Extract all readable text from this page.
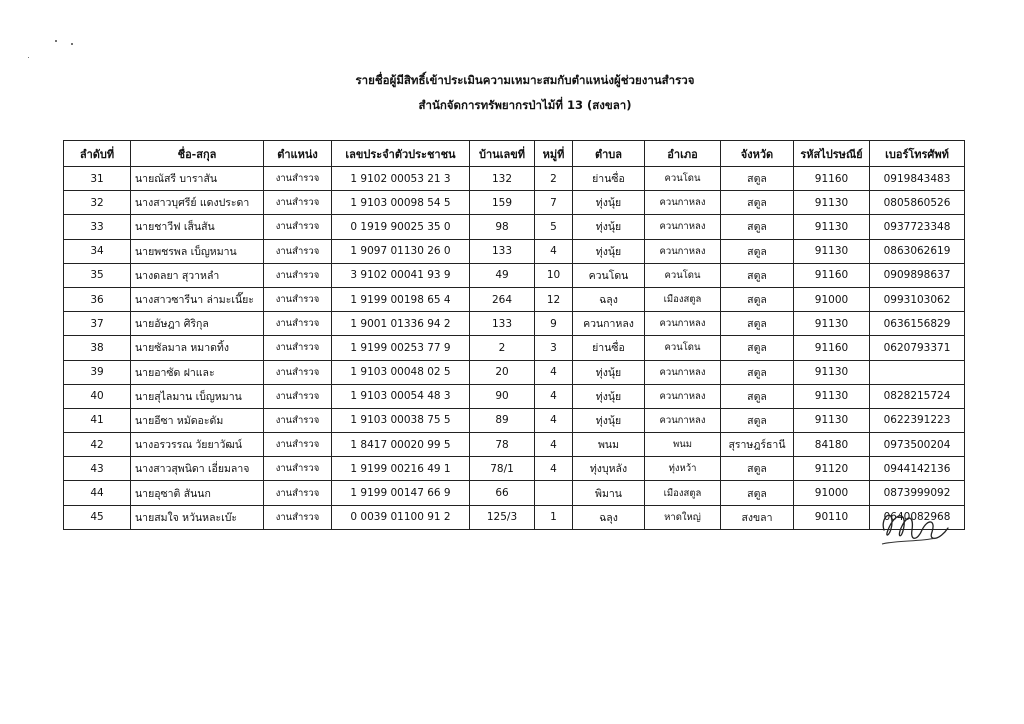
รายชื่อผู้มีสิทธิ์เข้าประเมินความเหมาะสมกับตำแหน่งผู้ช่วยงานสำรวจ
สำนักจัดการทรัพยากรป่าไม้ที่ 13 (สงขลา)
ลำดับที่	ชื่อ-สกุล	ตำแหน่ง	เลขประจำตัวประชาชน	บ้านเลขที่	หมู่ที่	ตำบล	อำเภอ	จังหวัด	รหัสไปรษณีย์	เบอร์โทรศัพท์
31	นายณัสรี บาราสัน	งานสำรวจ	1 9102 00053 21 3	132	2	ย่านซื่อ	ควนโดน	สตูล	91160	0919843483
32	นางสาวบุศรีย์ แดงประดา	งานสำรวจ	1 9103 00098 54 5	159	7	ทุ่งนุ้ย	ควนกาหลง	สตูล	91130	0805860526
33	นายชาวีฟ เส็นสัน	งานสำรวจ	0 1919 90025 35 0	98	5	ทุ่งนุ้ย	ควนกาหลง	สตูล	91130	0937723348
34	นายพชรพล เบ็ญหมาน	งานสำรวจ	1 9097 01130 26 0	133	4	ทุ่งนุ้ย	ควนกาหลง	สตูล	91130	0863062619
35	นางดลยา สุวาหลำ	งานสำรวจ	3 9102 00041 93 9	49	10	ควนโดน	ควนโดน	สตูล	91160	0909898637
36	นางสาวซารีนา ล่ามะเนี๊ยะ	งานสำรวจ	1 9199 00198 65 4	264	12	ฉลุง	เมืองสตูล	สตูล	91000	0993103062
37	นายอัษฎา ศิริกุล	งานสำรวจ	1 9001 01336 94 2	133	9	ควนกาหลง	ควนกาหลง	สตูล	91130	0636156829
38	นายซัลมาล หมาดทิ้ง	งานสำรวจ	1 9199 00253 77 9	2	3	ย่านซื่อ	ควนโดน	สตูล	91160	0620793371
39	นายอาซัด ฝาและ	งานสำรวจ	1 9103 00048 02 5	20	4	ทุ่งนุ้ย	ควนกาหลง	สตูล	91130	
40	นายสุไลมาน เบ็ญหมาน	งานสำรวจ	1 9103 00054 48 3	90	4	ทุ่งนุ้ย	ควนกาหลง	สตูล	91130	0828215724
41	นายอีซา หมัดอะดัม	งานสำรวจ	1 9103 00038 75 5	89	4	ทุ่งนุ้ย	ควนกาหลง	สตูล	91130	0622391223
42	นางอรวรรณ วัยยาวัฒน์	งานสำรวจ	1 8417 00020 99 5	78	4	พนม	พนม	สุราษฎร์ธานี	84180	0973500204
43	นางสาวสุพนิดา เอี่ยมลาจ	งานสำรวจ	1 9199 00216 49 1	78/1	4	ทุ่งบุหลัง	ทุ่งหว้า	สตูล	91120	0944142136
44	นายอุซาติ สันนก	งานสำรวจ	1 9199 00147 66 9	66		พิมาน	เมืองสตูล	สตูล	91000	0873999092
45	นายสมใจ หวันหละเบ๊ะ	งานสำรวจ	0 0039 01100 91 2	125/3	1	ฉลุง	หาดใหญ่	สงขลา	90110	0640082968
